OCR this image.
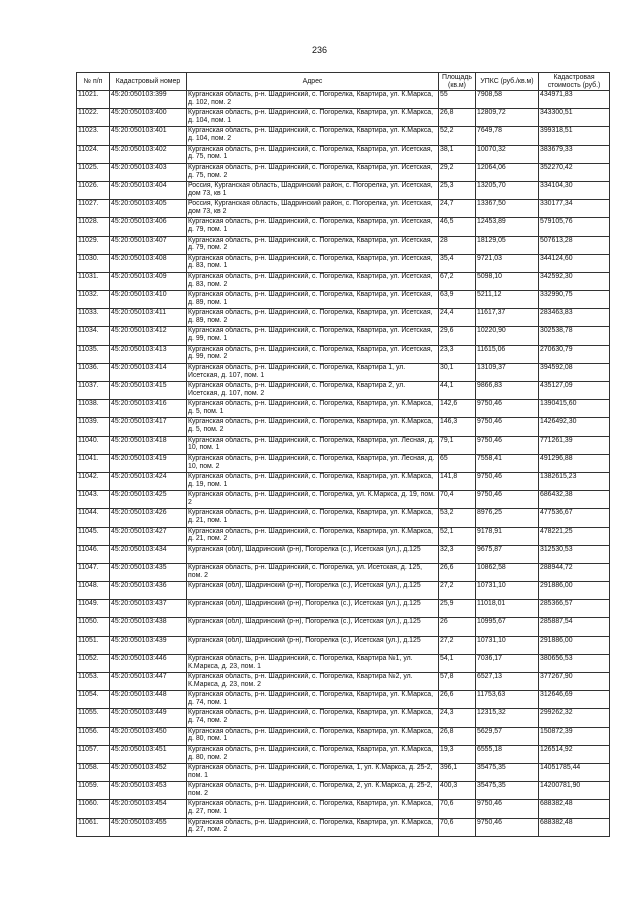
236
№ п/п	Кадастровый номер	Адрес	Площадь (кв.м)	УПКС (руб./кв.м)	Кадастровая стоимость (руб.)
11021.	45:20:050103:399	Курганская область, р-н. Шадринский, с. Погорелка, Квартира, ул. К.Маркса, д. 102, пом. 2	55	7908,58	434971,83
11022.	45:20:050103:400	Курганская область, р-н. Шадринский, с. Погорелка, Квартира, ул. К.Маркса, д. 104, пом. 1	26,8	12809,72	343300,51
11023.	45:20:050103:401	Курганская область, р-н. Шадринский, с. Погорелка, Квартира, ул. К.Маркса, д. 104, пом. 2	52,2	7649,78	399318,51
11024.	45:20:050103:402	Курганская область, р-н. Шадринский, с. Погорелка, Квартира, ул. Исетская, д. 75, пом. 1	38,1	10070,32	383679,33
11025.	45:20:050103:403	Курганская область, р-н. Шадринский, с. Погорелка, Квартира, ул. Исетская, д. 75, пом. 2	29,2	12064,06	352270,42
11026.	45:20:050103:404	Россия, Курганская область, Шадринский район, с. Погорелка, ул. Исетская, дом 73, кв 1	25,3	13205,70	334104,30
11027.	45:20:050103:405	Россия, Курганская область, Шадринский район, с. Погорелка, ул. Исетская, дом 73, кв 2	24,7	13367,50	330177,34
11028.	45:20:050103:406	Курганская область, р-н. Шадринский, с. Погорелка, Квартира, ул. Исетская, д. 79, пом. 1	46,5	12453,89	579105,76
11029.	45:20:050103:407	Курганская область, р-н. Шадринский, с. Погорелка, Квартира, ул. Исетская, д. 79, пом. 2	28	18129,05	507613,28
11030.	45:20:050103:408	Курганская область, р-н. Шадринский, с. Погорелка, Квартира, ул. Исетская, д. 83, пом. 1	35,4	9721,03	344124,60
11031.	45:20:050103:409	Курганская область, р-н. Шадринский, с. Погорелка, Квартира, ул. Исетская, д. 83, пом. 2	67,2	5098,10	342592,30
11032.	45:20:050103:410	Курганская область, р-н. Шадринский, с. Погорелка, Квартира, ул. Исетская, д. 89, пом. 1	63,9	5211,12	332990,75
11033.	45:20:050103:411	Курганская область, р-н. Шадринский, с. Погорелка, Квартира, ул. Исетская, д. 89, пом. 2	24,4	11617,37	283463,83
11034.	45:20:050103:412	Курганская область, р-н. Шадринский, с. Погорелка, Квартира, ул. Исетская, д. 99, пом. 1	29,6	10220,90	302538,78
11035.	45:20:050103:413	Курганская область, р-н. Шадринский, с. Погорелка, Квартира, ул. Исетская, д. 99, пом. 2	23,3	11615,06	270630,79
11036.	45:20:050103:414	Курганская область, р-н. Шадринский, с. Погорелка, Квартира 1, ул. Исетская, д. 107, пом. 1	30,1	13109,37	394592,08
11037.	45:20:050103:415	Курганская область, р-н. Шадринский, с. Погорелка, Квартира 2, ул. Исетская, д. 107, пом. 2	44,1	9866,83	435127,09
11038.	45:20:050103:416	Курганская область, р-н. Шадринский, с. Погорелка, Квартира, ул. К.Маркса, д. 5, пом. 1	142,6	9750,46	1390415,60
11039.	45:20:050103:417	Курганская область, р-н. Шадринский, с. Погорелка, Квартира, ул. К.Маркса, д. 5, пом. 2	146,3	9750,46	1426492,30
11040.	45:20:050103:418	Курганская область, р-н. Шадринский, с. Погорелка, Квартира, ул. Лесная, д. 10, пом. 1	79,1	9750,46	771261,39
11041.	45:20:050103:419	Курганская область, р-н. Шадринский, с. Погорелка, Квартира, ул. Лесная, д. 10, пом. 2	65	7558,41	491296,88
11042.	45:20:050103:424	Курганская область, р-н. Шадринский, с. Погорелка, Квартира, ул. К.Маркса, д. 19, пом. 1	141,8	9750,46	1382615,23
11043.	45:20:050103:425	Курганская область, р-н. Шадринский, с. Погорелка, ул. К.Маркса, д. 19, пом. 2	70,4	9750,46	686432,38
11044.	45:20:050103:426	Курганская область, р-н. Шадринский, с. Погорелка, Квартира, ул. К.Маркса, д. 21, пом. 1	53,2	8976,25	477536,67
11045.	45:20:050103:427	Курганская область, р-н. Шадринский, с. Погорелка, Квартира, ул. К.Маркса, д. 21, пом. 2	52,1	9178,91	478221,25
11046.	45:20:050103:434	Курганская (обл), Шадринский (р-н), Погорелка (с.), Исетская (ул.), д.125	32,3	9675,87	312530,53
11047.	45:20:050103:435	Курганская область, р-н. Шадринский, с. Погорелка, ул. Исетская, д. 125, пом. 2	26,6	10862,58	288944,72
11048.	45:20:050103:436	Курганская (обл), Шадринский (р-н), Погорелка (с.), Исетская (ул.), д.125	27,2	10731,10	291886,00
11049.	45:20:050103:437	Курганская (обл), Шадринский (р-н), Погорелка (с.), Исетская (ул.), д.125	25,9	11018,01	285366,57
11050.	45:20:050103:438	Курганская (обл), Шадринский (р-н), Погорелка (с.), Исетская (ул.), д.125	26	10995,67	285887,54
11051.	45:20:050103:439	Курганская (обл), Шадринский (р-н), Погорелка (с.), Исетская (ул.), д.125	27,2	10731,10	291886,00
11052.	45:20:050103:446	Курганская область, р-н. Шадринский, с. Погорелка, Квартира №1, ул. К.Маркса, д. 23, пом. 1	54,1	7036,17	380656,53
11053.	45:20:050103:447	Курганская область, р-н. Шадринский, с. Погорелка, Квартира №2, ул. К.Маркса, д. 23, пом. 2	57,8	6527,13	377267,90
11054.	45:20:050103:448	Курганская область, р-н. Шадринский, с. Погорелка, Квартира, ул. К.Маркса, д. 74, пом. 1	26,6	11753,63	312646,69
11055.	45:20:050103:449	Курганская область, р-н. Шадринский, с. Погорелка, Квартира, ул. К.Маркса, д. 74, пом. 2	24,3	12315,32	299262,32
11056.	45:20:050103:450	Курганская область, р-н. Шадринский, с. Погорелка, Квартира, ул. К.Маркса, д. 80, пом. 1	26,8	5629,57	150872,39
11057.	45:20:050103:451	Курганская область, р-н. Шадринский, с. Погорелка, Квартира, ул. К.Маркса, д. 80, пом. 2	19,3	6555,18	126514,92
11058.	45:20:050103:452	Курганская область, р-н. Шадринский, с. Погорелка, 1, ул. К.Маркса, д. 25-2, пом. 1	396,1	35475,35	14051785,44
11059.	45:20:050103:453	Курганская область, р-н. Шадринский, с. Погорелка, 2, ул. К.Маркса, д. 25-2, пом. 2	400,3	35475,35	14200781,90
11060.	45:20:050103:454	Курганская область, р-н. Шадринский, с. Погорелка, Квартира, ул. К.Маркса, д. 27, пом. 1	70,6	9750,46	688382,48
11061.	45:20:050103:455	Курганская область, р-н. Шадринский, с. Погорелка, Квартира, ул. К.Маркса, д. 27, пом. 2	70,6	9750,46	688382,48
